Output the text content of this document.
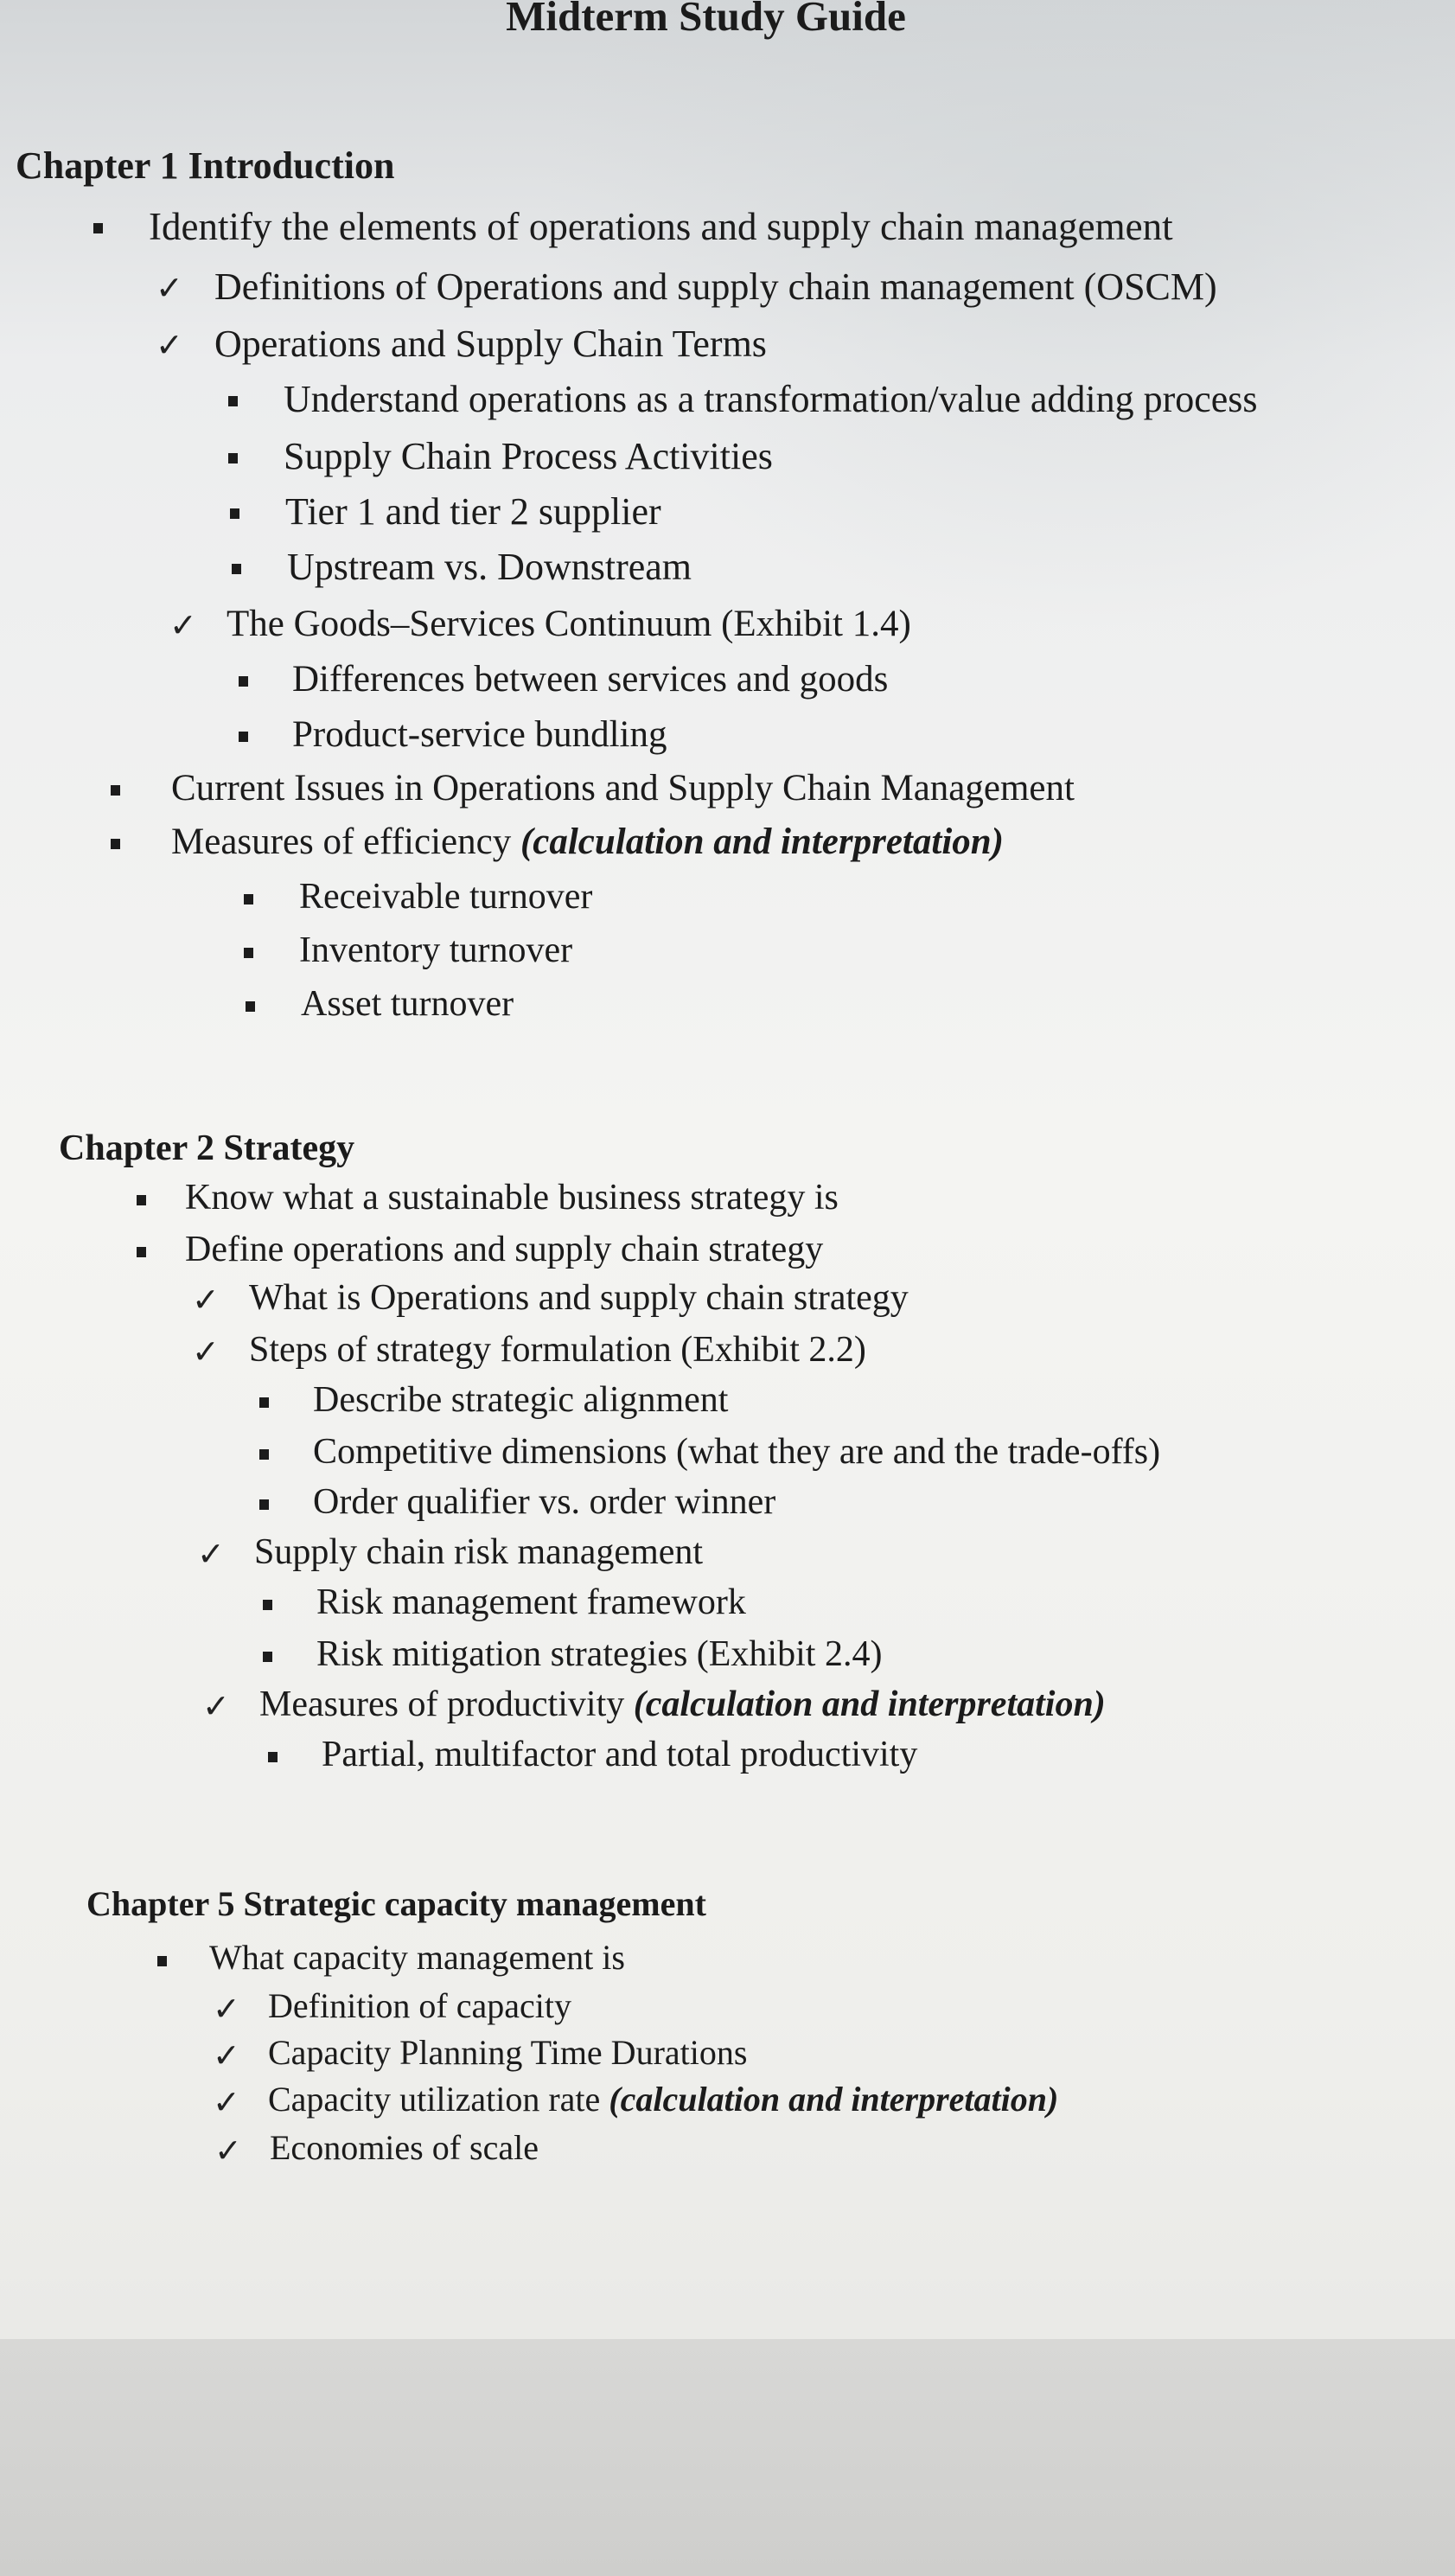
Midterm Study Guide
Chapter 1 Introduction
Identify the elements of operations and supply chain management
✓ Definitions of Operations and supply chain management (OSCM)
✓ Operations and Supply Chain Terms
Understand operations as a transformation/value adding process
Supply Chain Process Activities
Tier 1 and tier 2 supplier
Upstream vs. Downstream
✓ The Goods–Services Continuum (Exhibit 1.4)
Differences between services and goods
Product-service bundling
Current Issues in Operations and Supply Chain Management
Measures of efficiency (calculation and interpretation)
Receivable turnover
Inventory turnover
Asset turnover
Chapter 2 Strategy
Know what a sustainable business strategy is
Define operations and supply chain strategy
✓ What is Operations and supply chain strategy
✓ Steps of strategy formulation (Exhibit 2.2)
Describe strategic alignment
Competitive dimensions (what they are and the trade-offs)
Order qualifier vs. order winner
✓ Supply chain risk management
Risk management framework
Risk mitigation strategies (Exhibit 2.4)
✓ Measures of productivity (calculation and interpretation)
Partial, multifactor and total productivity
Chapter 5 Strategic capacity management
What capacity management is
✓ Definition of capacity
✓ Capacity Planning Time Durations
✓ Capacity utilization rate (calculation and interpretation)
✓ Economies of scale
